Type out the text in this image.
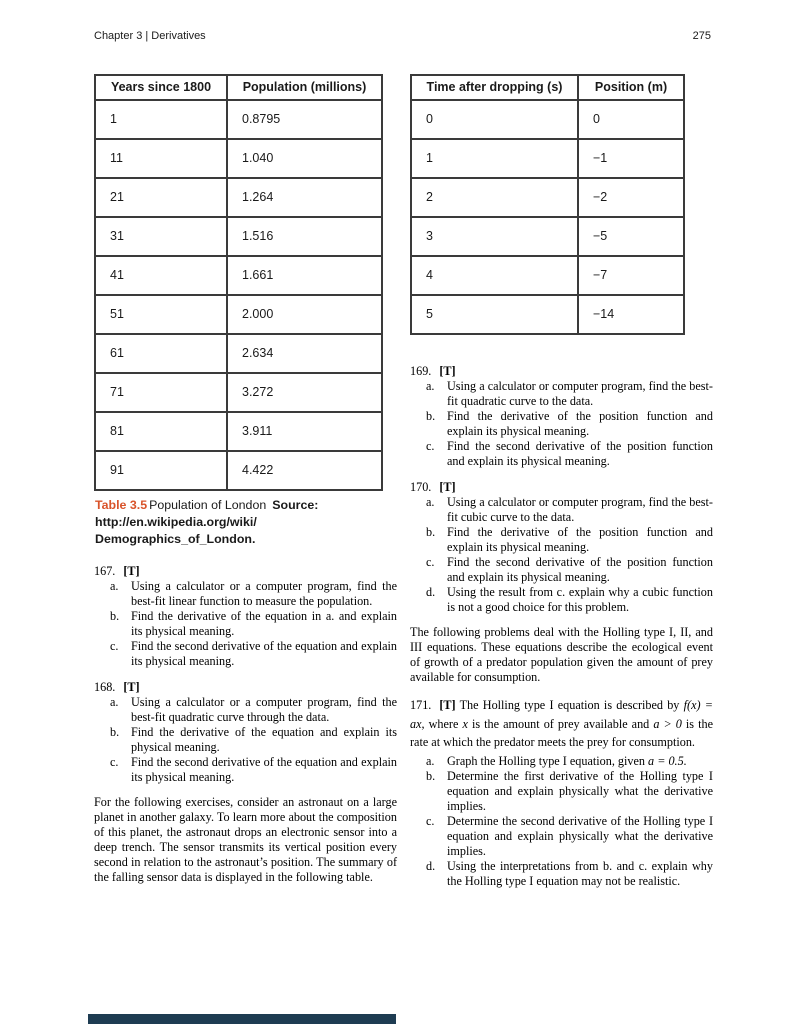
Chapter 3 | Derivatives	275
Years since 1800	Population (millions)
1	0.8795
11	1.040
21	1.264
31	1.516
41	1.661
51	2.000
61	2.634
71	3.272
81	3.911
91	4.422

Table 3.5 Population of London Source:
http://en.wikipedia.org/wiki/
Demographics_of_London.

167. [T]
a. Using a calculator or a computer program, find the best-fit linear function to measure the population.
b. Find the derivative of the equation in a. and explain its physical meaning.
c. Find the second derivative of the equation and explain its physical meaning.
168. [T]
a. Using a calculator or a computer program, find the best-fit quadratic curve through the data.
b. Find the derivative of the equation and explain its physical meaning.
c. Find the second derivative of the equation and explain its physical meaning.

For the following exercises, consider an astronaut on a large planet in another galaxy. To learn more about the composition of this planet, the astronaut drops an electronic sensor into a deep trench. The sensor transmits its vertical position every second in relation to the astronaut’s position. The summary of the falling sensor data is displayed in the following table.

Time after dropping (s)	Position (m)
0	0
1	−1
2	−2
3	−5
4	−7
5	−14
169. [T]
a. Using a calculator or computer program, find the best-fit quadratic curve to the data.
b. Find the derivative of the position function and explain its physical meaning.
c. Find the second derivative of the position function and explain its physical meaning.
170. [T]
a. Using a calculator or computer program, find the best-fit cubic curve to the data.
b. Find the derivative of the position function and explain its physical meaning.
c. Find the second derivative of the position function and explain its physical meaning.
d. Using the result from c. explain why a cubic function is not a good choice for this problem.

The following problems deal with the Holling type I, II, and III equations. These equations describe the ecological event of growth of a predator population given the amount of prey available for consumption.

171. [T] The Holling type I equation is described by f(x) = ax, where x is the amount of prey available and a > 0 is the rate at which the predator meets the prey for consumption.

a. Graph the Holling type I equation, given a = 0.5.
b. Determine the first derivative of the Holling type I equation and explain physically what the derivative implies.
c. Determine the second derivative of the Holling type I equation and explain physically what the derivative implies.
d. Using the interpretations from b. and c. explain why the Holling type I equation may not be realistic.
